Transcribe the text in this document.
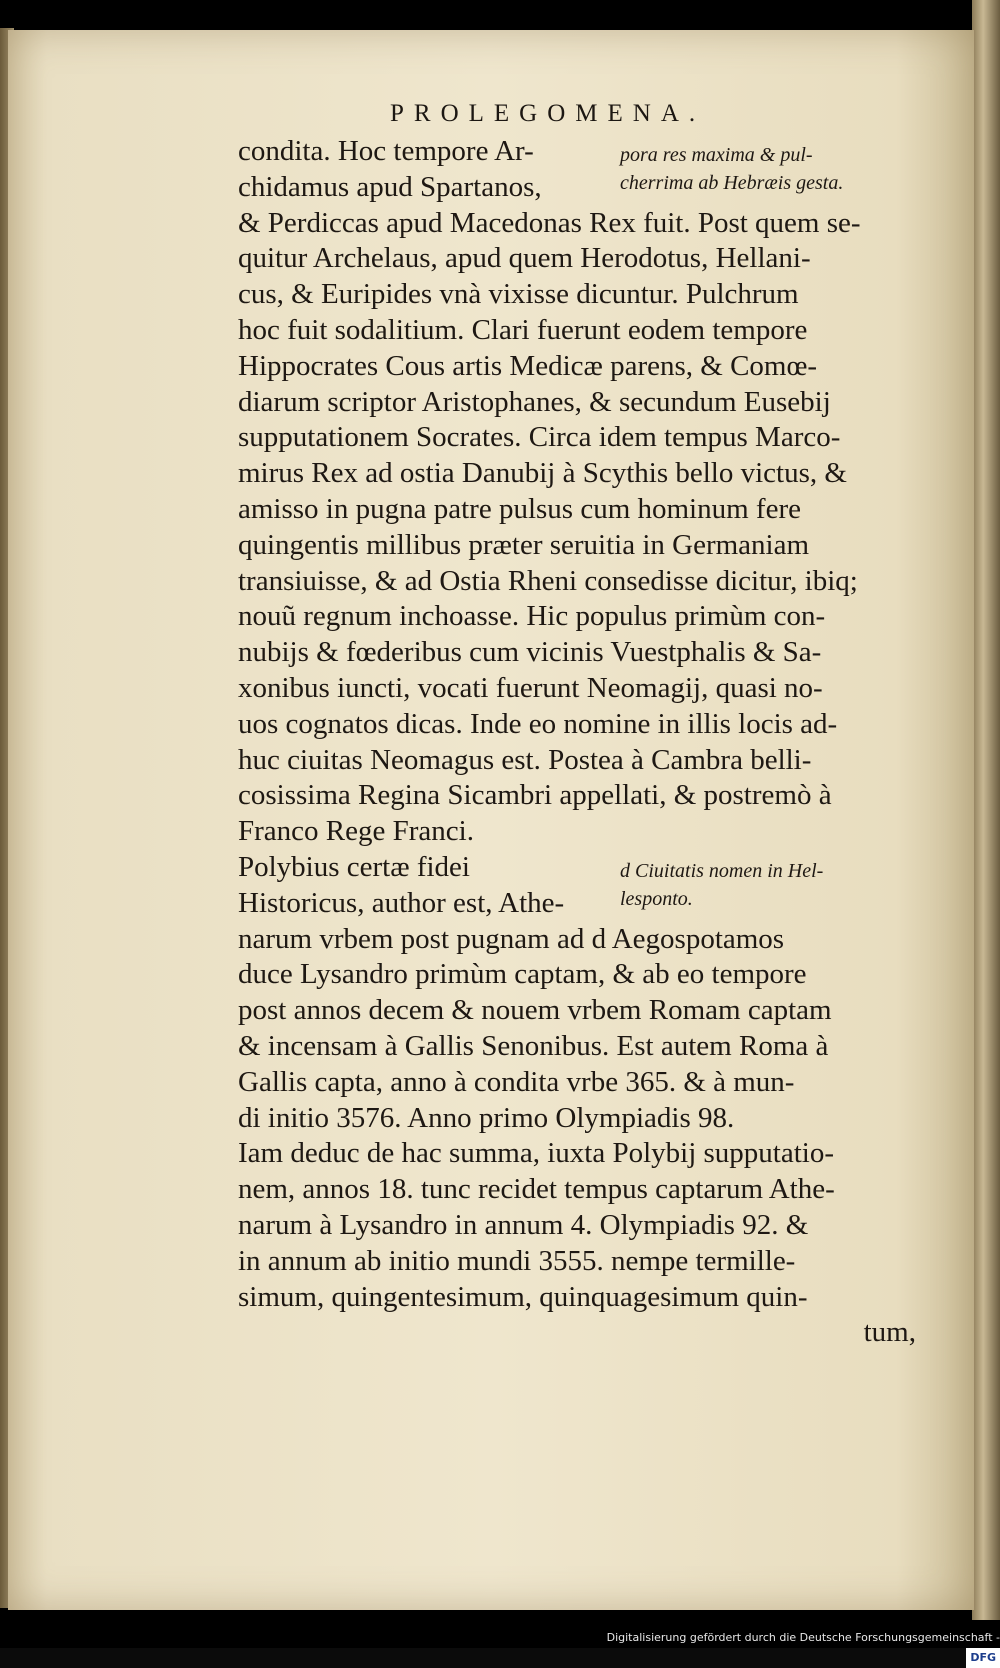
PROLEGOMENA.
pora res maxima & pul-
cherrima ab Hebræis gesta.
d Ciuitatis nomen in Hel-
lesponto.
condita. Hoc tempore Ar-
chidamus apud Spartanos,
& Perdiccas apud Macedonas Rex fuit. Post quem se-
quitur Archelaus, apud quem Herodotus, Hellani-
cus, & Euripides vnà vixisse dicuntur. Pulchrum
hoc fuit sodalitium. Clari fuerunt eodem tempore
Hippocrates Cous artis Medicæ parens, & Comœ-
diarum scriptor Aristophanes, & secundum Eusebij
supputationem Socrates. Circa idem tempus Marco-
mirus Rex ad ostia Danubij à Scythis bello victus, &
amisso in pugna patre pulsus cum hominum fere
quingentis millibus præter seruitia in Germaniam
transiuisse, & ad Ostia Rheni consedisse dicitur, ibiq;
nouũ regnum inchoasse. Hic populus primùm con-
nubijs & fœderibus cum vicinis Vuestphalis & Sa-
xonibus iuncti, vocati fuerunt Neomagij, quasi no-
uos cognatos dicas. Inde eo nomine in illis locis ad-
huc ciuitas Neomagus est. Postea à Cambra belli-
cosissima Regina Sicambri appellati, & postremò à
Franco Rege Franci.
Polybius certæ fidei
Historicus, author est, Athe-
narum vrbem post pugnam ad d Aegospotamos
duce Lysandro primùm captam, & ab eo tempore
post annos decem & nouem vrbem Romam captam
& incensam à Gallis Senonibus. Est autem Roma à
Gallis capta, anno à condita vrbe 365. & à mun-
di initio 3576. Anno primo Olympiadis 98.
Iam deduc de hac summa, iuxta Polybij supputatio-
nem, annos 18. tunc recidet tempus captarum Athe-
narum à Lysandro in annum 4. Olympiadis 92. &
in annum ab initio mundi 3555. nempe termille-
simum, quingentesimum, quinquagesimum quin-
tum,
Digitalisierung gefördert durch die Deutsche Forschungsgemeinschaft -DFG
